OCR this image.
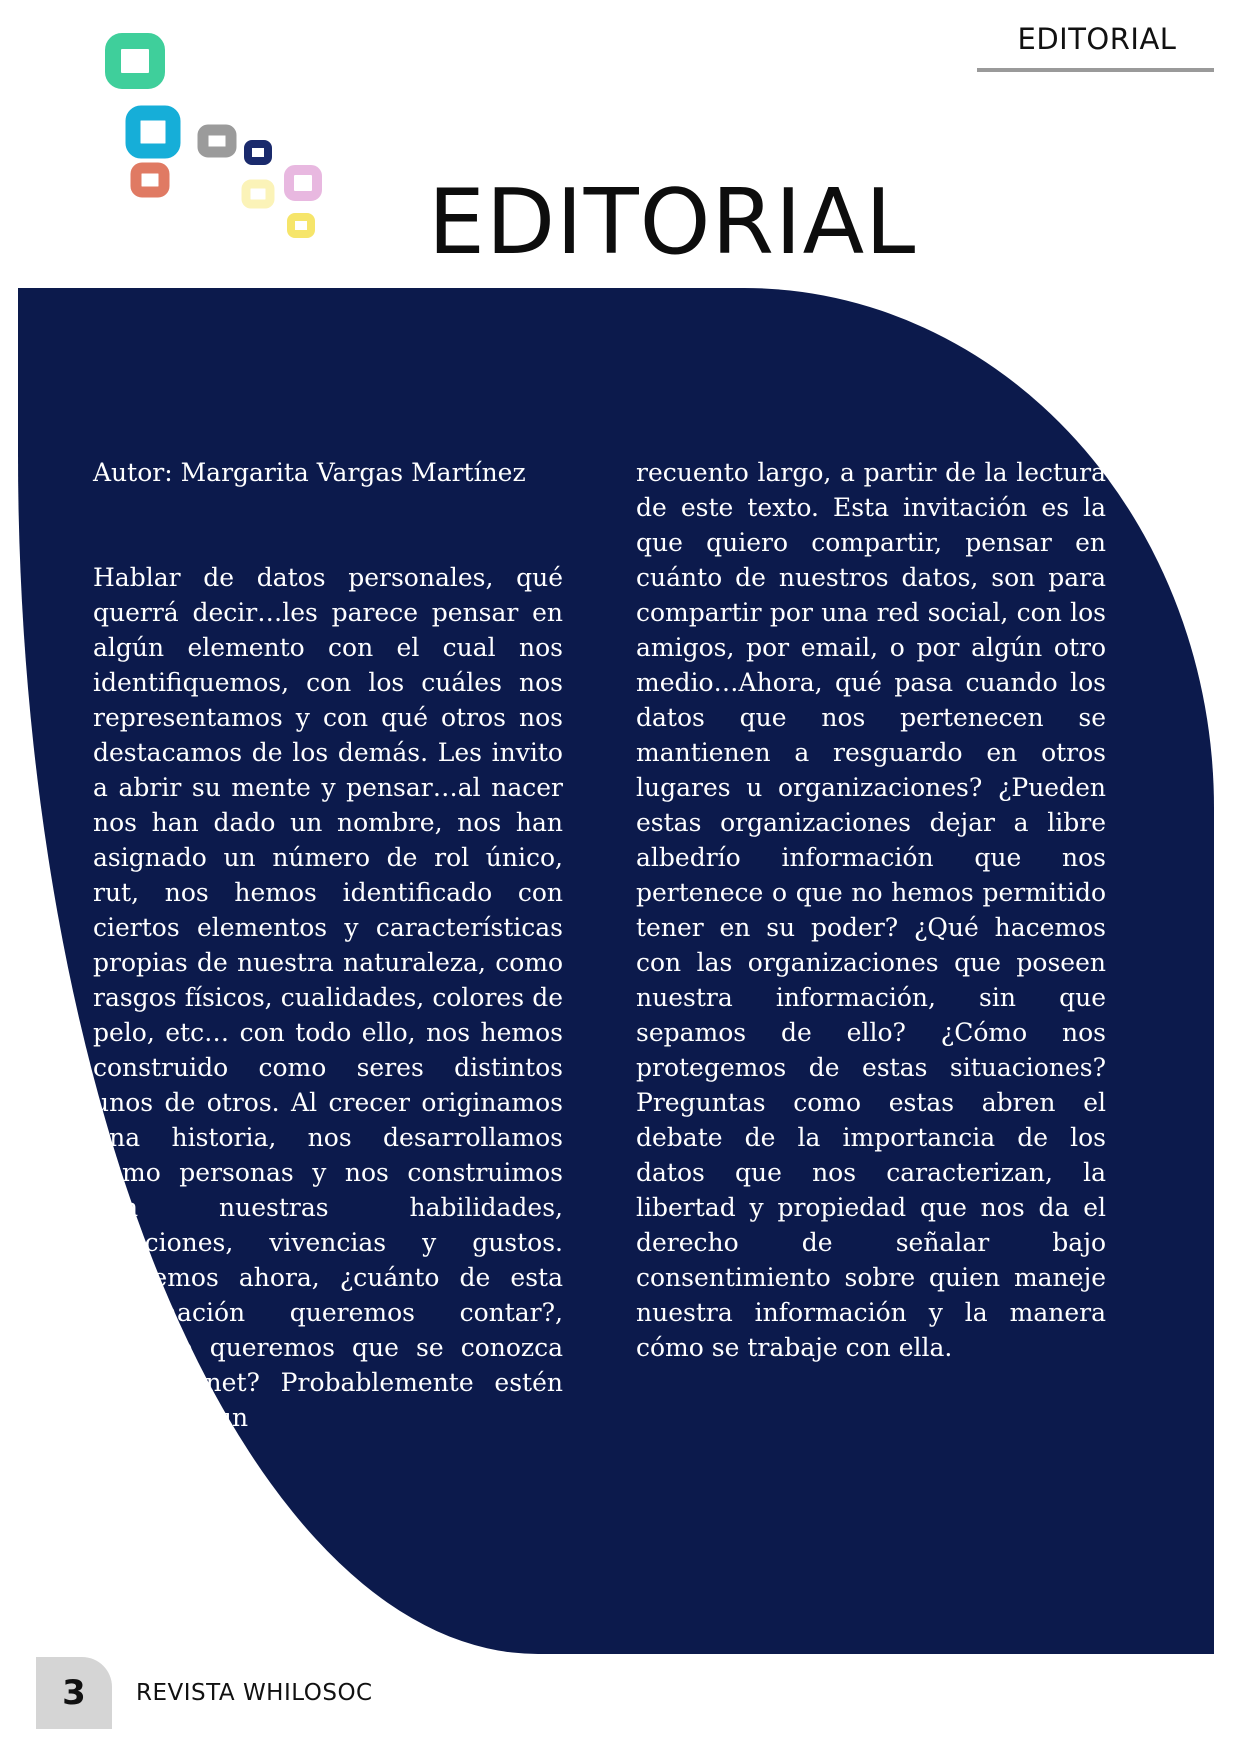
EDITORIAL
EDITORIAL

Autor: Margarita Vargas Martínez

Hablar de datos personales, qué querrá decir…les parece pensar en algún elemento con el cual nos identifiquemos, con los cuáles nos representamos y con qué otros nos destacamos de los demás. Les invito a abrir su mente y pensar…al nacer nos han dado un nombre, nos han asignado un número de rol único, rut, nos hemos identificado con ciertos elementos y características propias de nuestra naturaleza, como rasgos físicos, cualidades, colores de pelo, etc… con todo ello, nos hemos construido como seres distintos unos de otros. Al crecer originamos una historia, nos desarrollamos como personas y nos construimos con nuestras habilidades, elecciones, vivencias y gustos. Pensemos ahora, ¿cuánto de esta información queremos contar?, ¿cuánto queremos que se conozca en internet? Probablemente estén haciendo un

recuento largo, a partir de la lectura de este texto. Esta invitación es la que quiero compartir, pensar en cuánto de nuestros datos, son para compartir por una red social, con los amigos, por email, o por algún otro medio…Ahora, qué pasa cuando los datos que nos pertenecen se mantienen a resguardo en otros lugares u organizaciones? ¿Pueden estas organizaciones dejar a libre albedrío información que nos pertenece o que no hemos permitido tener en su poder? ¿Qué hacemos con las organizaciones que poseen nuestra información, sin que sepamos de ello? ¿Cómo nos protegemos de estas situaciones? Preguntas como estas abren el debate de la importancia de los datos que nos caracterizan, la libertad y propiedad que nos da el derecho de señalar bajo consentimiento sobre quien maneje nuestra información y la manera cómo se trabaje con ella.

3	REVISTA WHILOSOC
